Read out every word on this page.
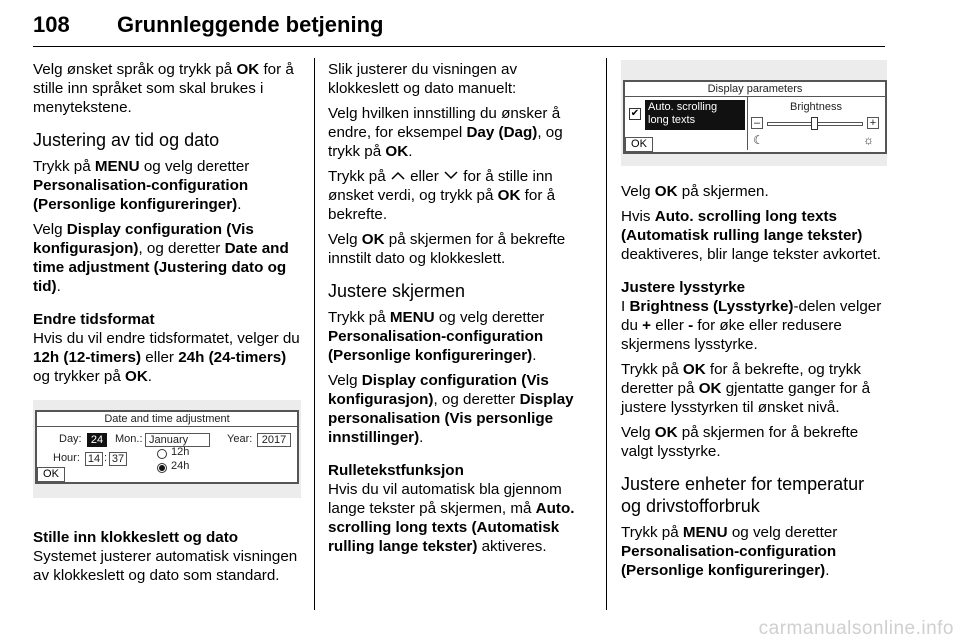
108 Grunnleggende betjening

Velg ønsket språk og trykk på OK for å stille inn språket som skal brukes i menytekstene.

Justering av tid og dato

Trykk på MENU og velg deretter Personalisation-configuration (Personlige konfigureringer).

Velg Display configuration (Vis konfigurasjon), og deretter Date and time adjustment (Justering dato og tid).

Endre tidsformat

Hvis du vil endre tidsformatet, velger du 12h (12-timers) eller 24h (24-timers) og trykker på OK.

Date and time adjustment
Day: 24	Mon.: January	Year: 2017
Hour: 14 : 37
12h
24h
OK
Stille inn klokkeslett og dato

Systemet justerer automatisk visningen av klokkeslett og dato som standard.

Slik justerer du visningen av klokkeslett og dato manuelt:

Velg hvilken innstilling du ønsker å endre, for eksempel Day (Dag), og trykk på OK.

Trykk på  eller  for å stille inn ønsket verdi, og trykk på OK for å bekrefte.

Velg OK på skjermen for å bekrefte innstilt dato og klokkeslett.

Justere skjermen

Trykk på MENU og velg deretter Personalisation-configuration (Personlige konfigureringer).

Velg Display configuration (Vis konfigurasjon), og deretter Display personalisation (Vis personlige innstillinger).

Rulletekstfunksjon

Hvis du vil automatisk bla gjennom lange tekster på skjermen, må Auto. scrolling long texts (Automatisk rulling lange tekster) aktiveres.

Display parameters
✔
Auto. scrolling
long texts
Brightness
–	+
☾	☼
OK

Velg OK på skjermen.

Hvis Auto. scrolling long texts (Automatisk rulling lange tekster) deaktiveres, blir lange tekster avkortet.

Justere lysstyrke

I Brightness (Lysstyrke)-delen velger du + eller - for øke eller redusere skjermens lysstyrke.

Trykk på OK for å bekrefte, og trykk deretter på OK gjentatte ganger for å justere lysstyrken til ønsket nivå.

Velg OK på skjermen for å bekrefte valgt lysstyrke.

Justere enheter for temperatur og drivstofforbruk

Trykk på MENU og velg deretter Personalisation-configuration (Personlige konfigureringer).

carmanualsonline.info
